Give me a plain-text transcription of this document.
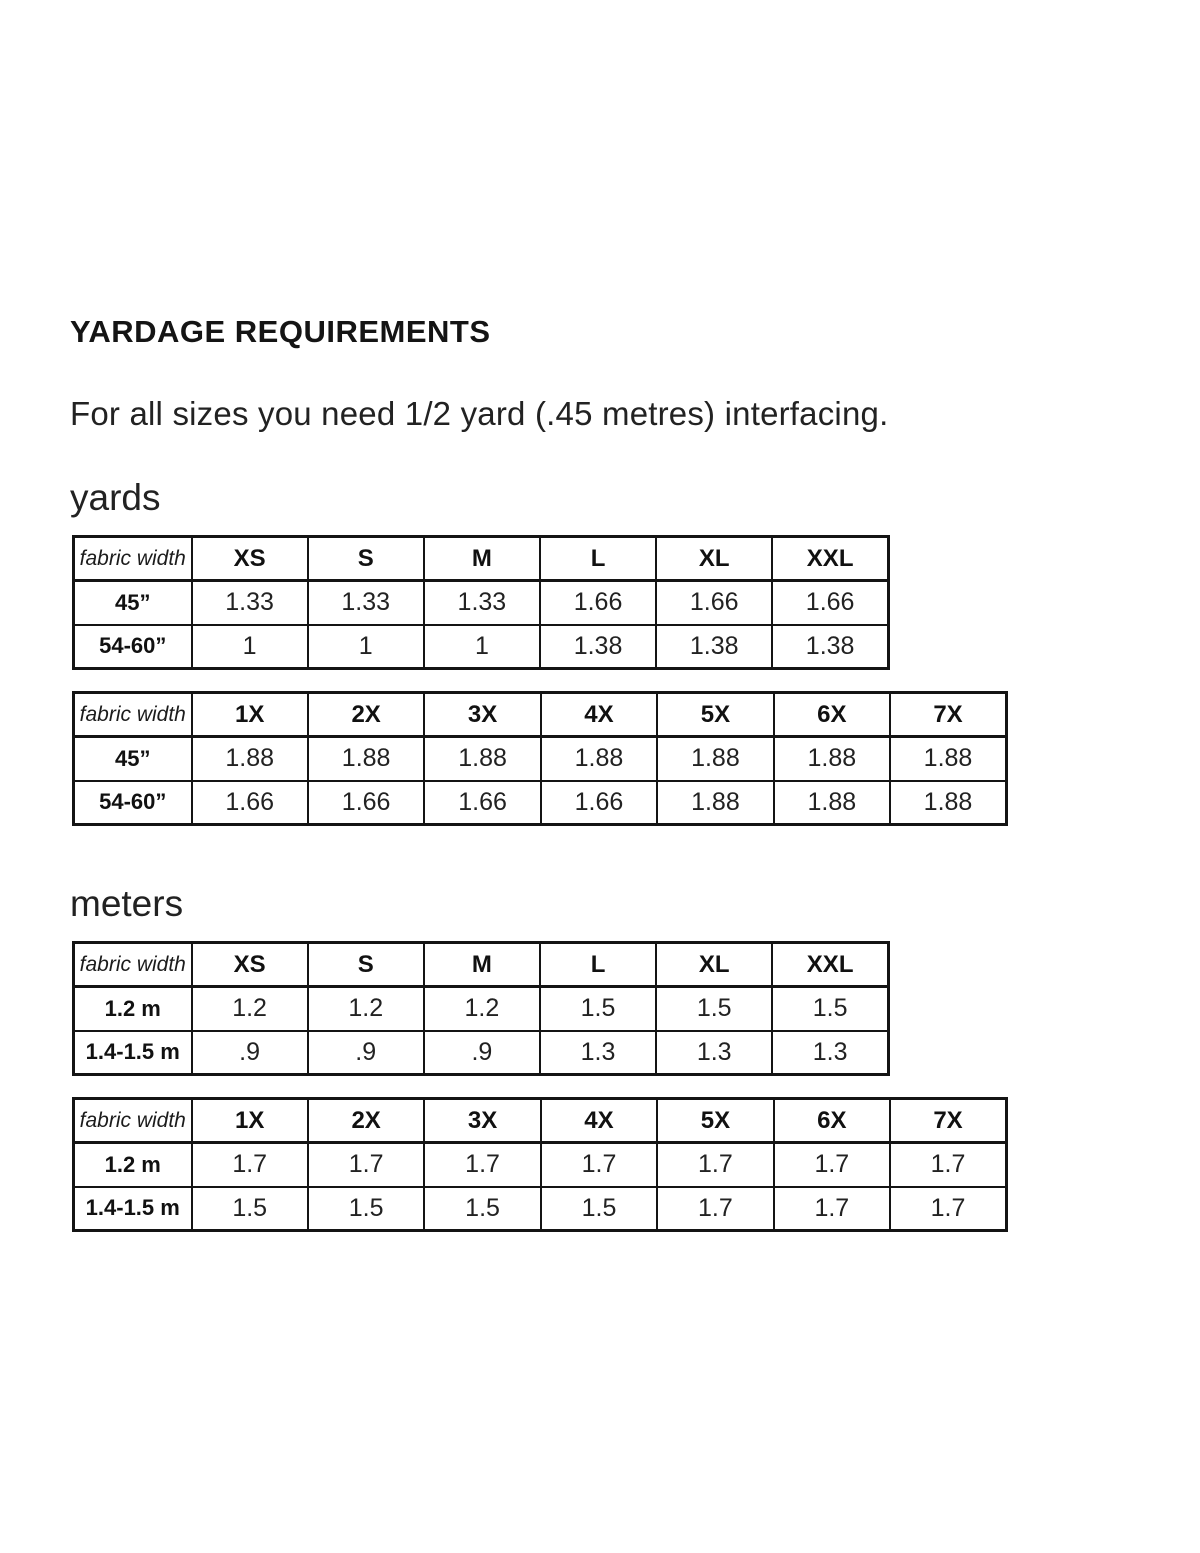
YARDAGE REQUIREMENTS

For all sizes you need 1/2 yard (.45 metres) interfacing.

yards
fabric width	XS	S	M	L	XL	XXL
45”	1.33	1.33	1.33	1.66	1.66	1.66
54-60”	1	1	1	1.38	1.38	1.38
fabric width	1X	2X	3X	4X	5X	6X	7X
45”	1.88	1.88	1.88	1.88	1.88	1.88	1.88
54-60”	1.66	1.66	1.66	1.66	1.88	1.88	1.88
meters
fabric width	XS	S	M	L	XL	XXL
1.2 m	1.2	1.2	1.2	1.5	1.5	1.5
1.4-1.5 m	.9	.9	.9	1.3	1.3	1.3
fabric width	1X	2X	3X	4X	5X	6X	7X
1.2 m	1.7	1.7	1.7	1.7	1.7	1.7	1.7
1.4-1.5 m	1.5	1.5	1.5	1.5	1.7	1.7	1.7
